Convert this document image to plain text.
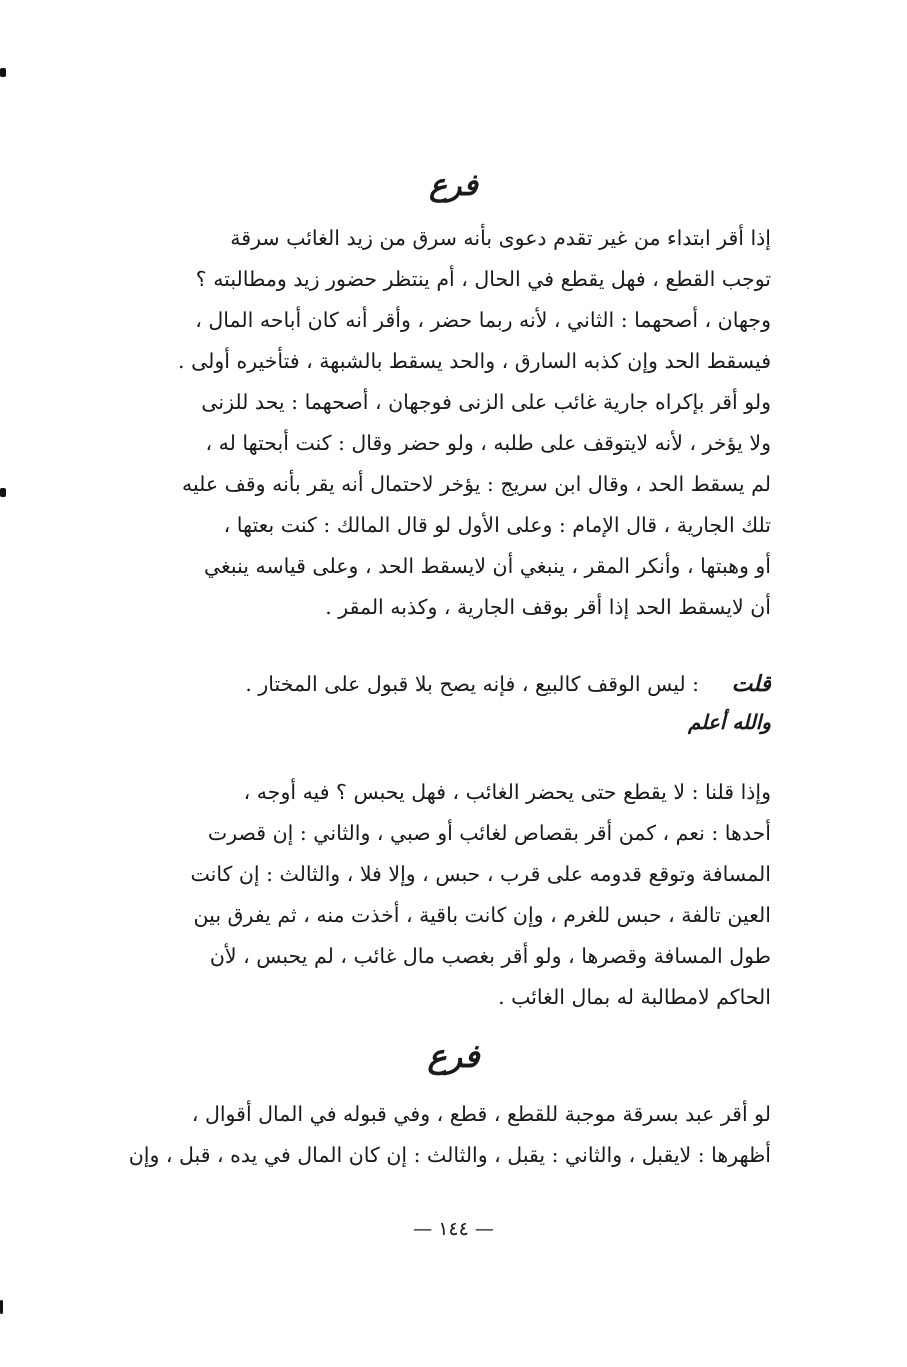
فرع
إذا أقر ابتداء من غير تقدم دعوى بأنه سرق من زيد الغائب سرقة
توجب القطع ، فهل يقطع في الحال ، أم ينتظر حضور زيد ومطالبته ؟
وجهان ، أصحهما : الثاني ، لأنه ربما حضر ، وأقر أنه كان أباحه المال ،
فيسقط الحد وإن كذبه السارق ، والحد يسقط بالشبهة ، فتأخيره أولى .
ولو أقر بإكراه جارية غائب على الزنى فوجهان ، أصحهما : يحد للزنى
ولا يؤخر ، لأنه لايتوقف على طلبه ، ولو حضر وقال : كنت أبحتها له ،
لم يسقط الحد ، وقال ابن سريج : يؤخر لاحتمال أنه يقر بأنه وقف عليه
تلك الجارية ، قال الإمام : وعلى الأول لو قال المالك : كنت بعتها ،
أو وهبتها ، وأنكر المقر ، ينبغي أن لايسقط الحد ، وعلى قياسه ينبغي
أن لايسقط الحد إذا أقر بوقف الجارية ، وكذبه المقر .
قلت : ليس الوقف كالبيع ، فإنه يصح بلا قبول على المختار .
والله أعلم
وإذا قلنا : لا يقطع حتى يحضر الغائب ، فهل يحبس ؟ فيه أوجه ،
أحدها : نعم ، كمن أقر بقصاص لغائب أو صبي ، والثاني : إن قصرت
المسافة وتوقع قدومه على قرب ، حبس ، وإلا فلا ، والثالث : إن كانت
العين تالفة ، حبس للغرم ، وإن كانت باقية ، أخذت منه ، ثم يفرق بين
طول المسافة وقصرها ، ولو أقر بغصب مال غائب ، لم يحبس ، لأن
الحاكم لامطالبة له بمال الغائب .
فرع
لو أقر عبد بسرقة موجبة للقطع ، قطع ، وفي قبوله في المال أقوال ،
أظهرها : لايقبل ، والثاني : يقبل ، والثالث : إن كان المال في يده ، قبل ، وإن
— ١٤٤ —
